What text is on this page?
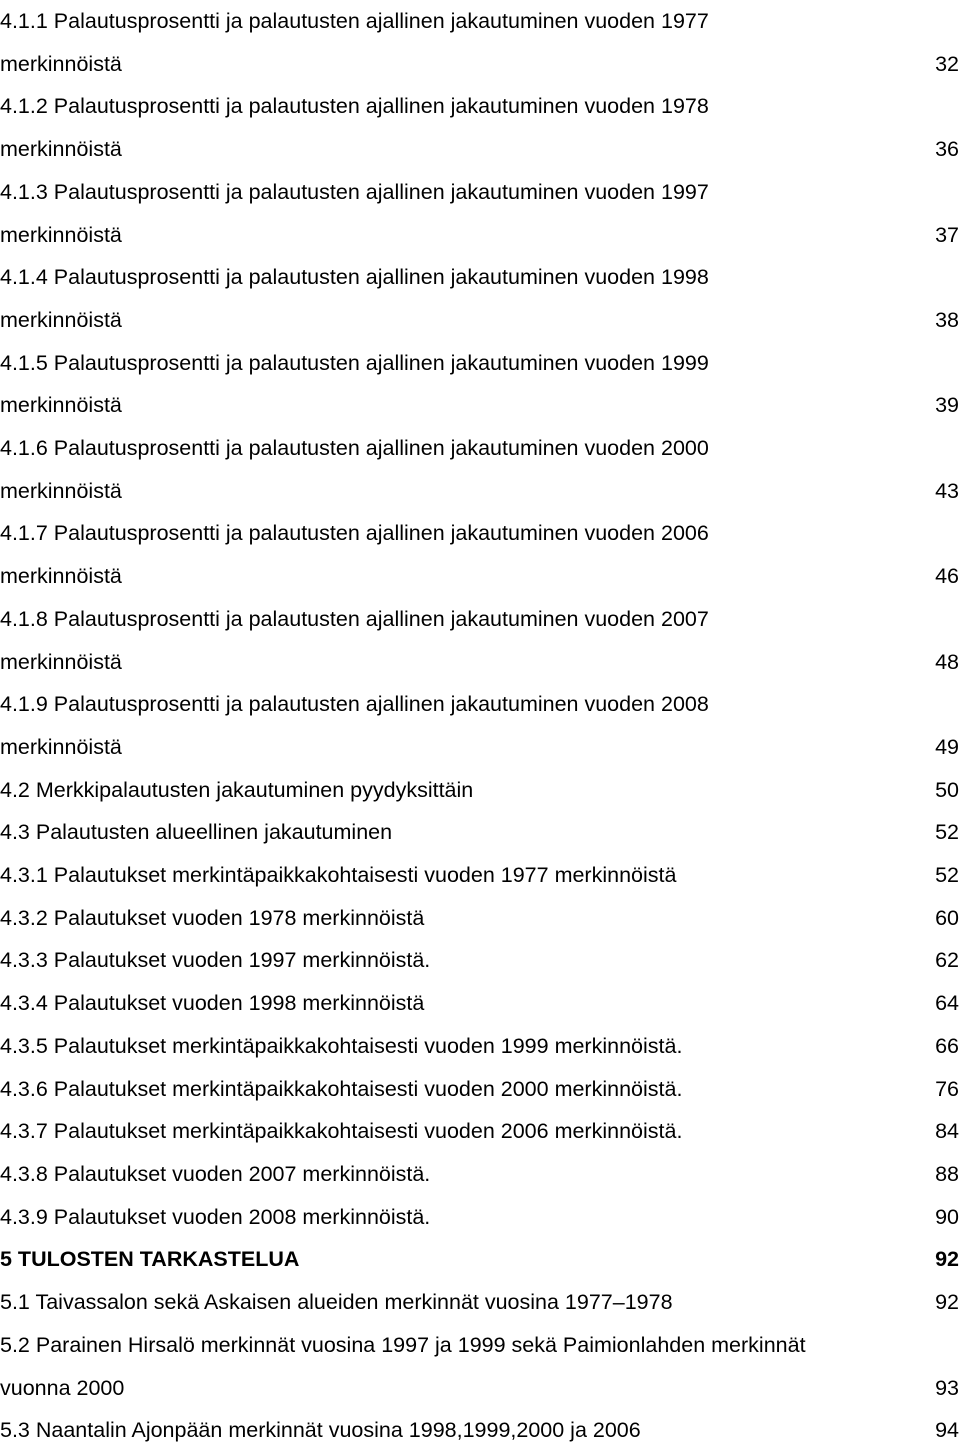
4.1.1 Palautusprosentti ja palautusten ajallinen jakautuminen vuoden 1977
merkinnöistä	32
4.1.2 Palautusprosentti ja palautusten ajallinen jakautuminen vuoden 1978
merkinnöistä	36
4.1.3 Palautusprosentti ja palautusten ajallinen jakautuminen vuoden 1997
merkinnöistä	37
4.1.4 Palautusprosentti ja palautusten ajallinen jakautuminen vuoden 1998
merkinnöistä	38
4.1.5 Palautusprosentti ja palautusten ajallinen jakautuminen vuoden 1999
merkinnöistä	39
4.1.6 Palautusprosentti ja palautusten ajallinen jakautuminen vuoden 2000
merkinnöistä	43
4.1.7 Palautusprosentti ja palautusten ajallinen jakautuminen vuoden 2006
merkinnöistä	46
4.1.8 Palautusprosentti ja palautusten ajallinen jakautuminen vuoden 2007
merkinnöistä	48
4.1.9 Palautusprosentti ja palautusten ajallinen jakautuminen vuoden 2008
merkinnöistä	49
4.2 Merkkipalautusten jakautuminen pyydyksittäin	50
4.3 Palautusten alueellinen jakautuminen	52
4.3.1 Palautukset merkintäpaikkakohtaisesti vuoden 1977 merkinnöistä	52
4.3.2 Palautukset vuoden 1978 merkinnöistä	60
4.3.3 Palautukset vuoden 1997 merkinnöistä.	62
4.3.4 Palautukset vuoden 1998 merkinnöistä	64
4.3.5 Palautukset merkintäpaikkakohtaisesti vuoden 1999 merkinnöistä.	66
4.3.6 Palautukset merkintäpaikkakohtaisesti vuoden 2000 merkinnöistä.	76
4.3.7 Palautukset merkintäpaikkakohtaisesti vuoden 2006 merkinnöistä.	84
4.3.8 Palautukset vuoden 2007 merkinnöistä.	88
4.3.9 Palautukset vuoden 2008 merkinnöistä.	90
5 TULOSTEN TARKASTELUA	92
5.1 Taivassalon sekä Askaisen alueiden merkinnät vuosina 1977–1978	92
5.2 Parainen Hirsalö merkinnät vuosina 1997 ja 1999 sekä Paimionlahden merkinnät
vuonna 2000	93
5.3 Naantalin Ajonpään merkinnät vuosina 1998,1999,2000 ja 2006	94
